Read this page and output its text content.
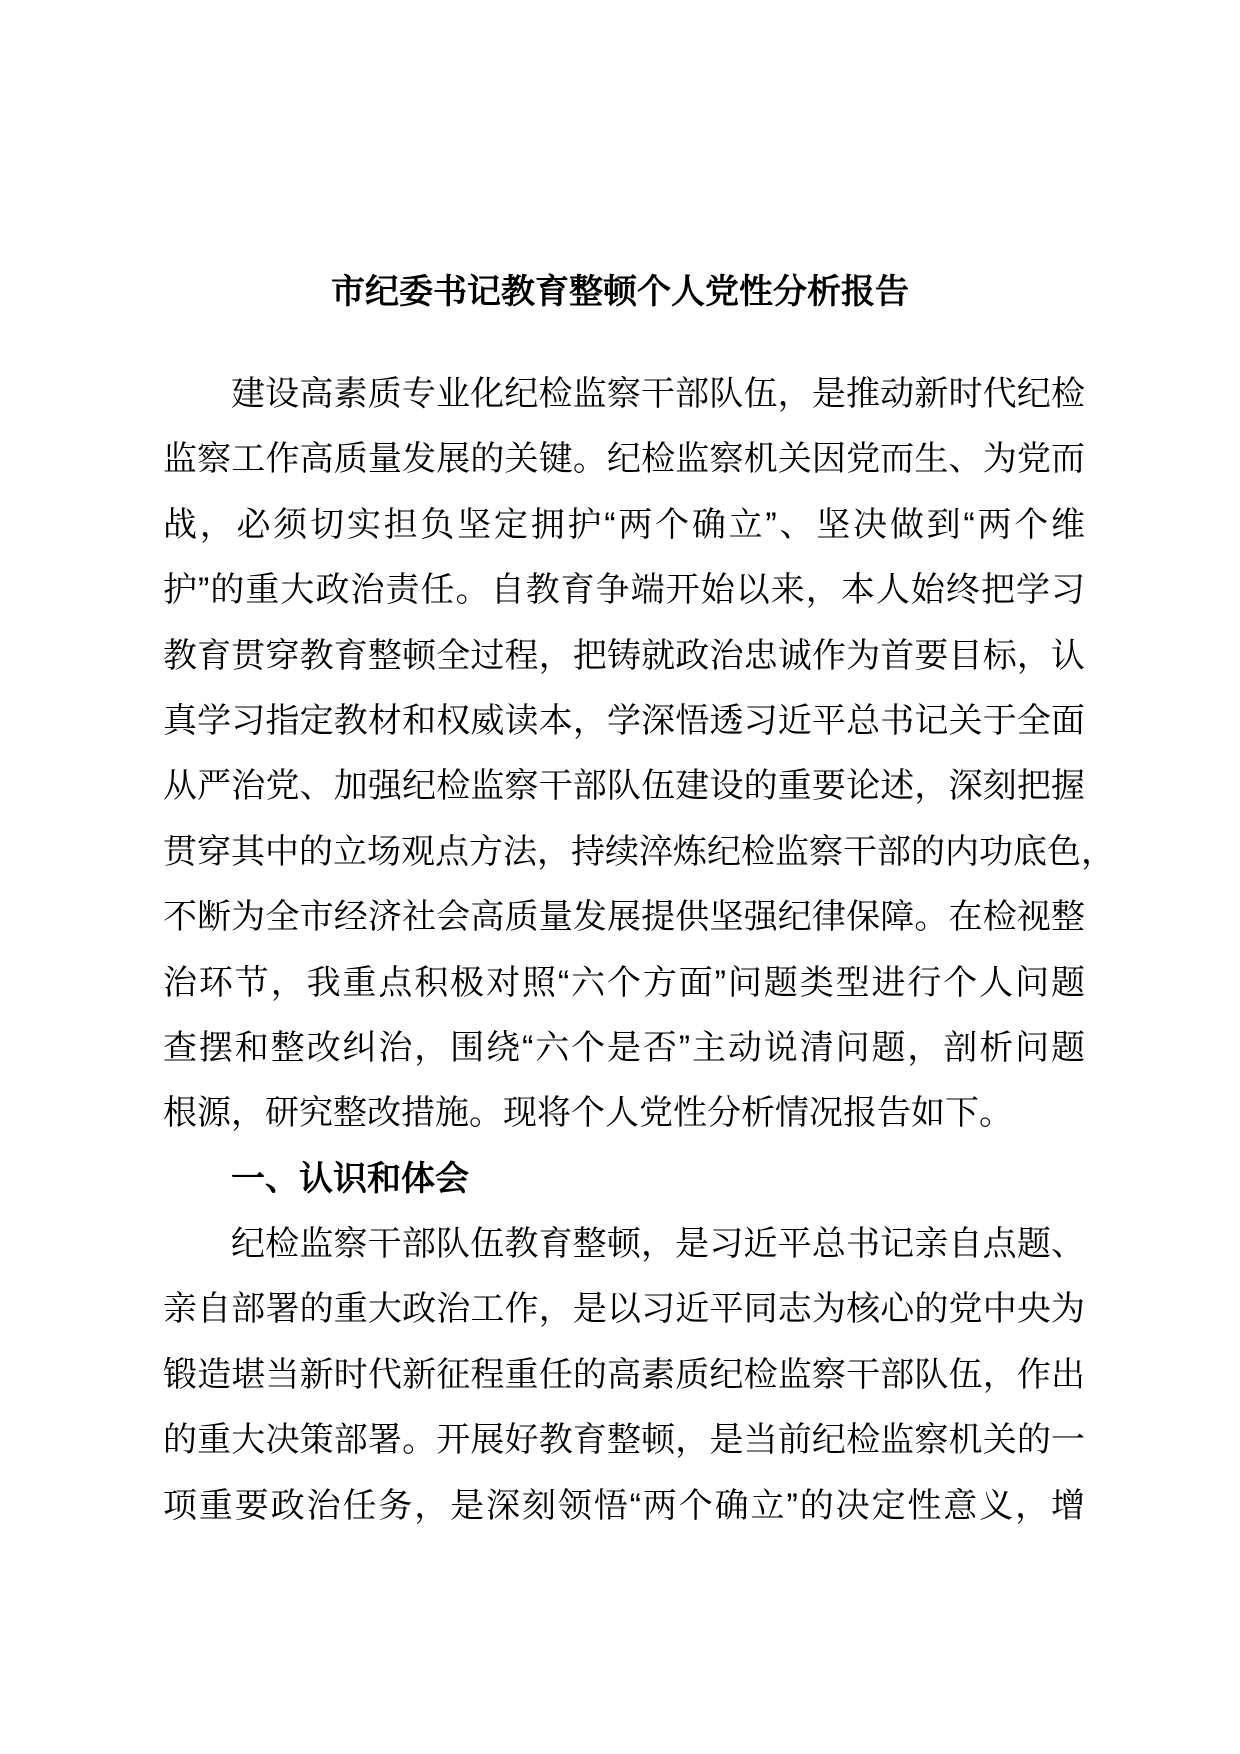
市纪委书记教育整顿个人党性分析报告
建设高素质专业化纪检监察干部队伍，是推动新时代纪检
监察工作高质量发展的关键。纪检监察机关因党而生、为党而
战，必须切实担负坚定拥护“两个确立”、坚决做到“两个维
护”的重大政治责任。自教育争端开始以来，本人始终把学习
教育贯穿教育整顿全过程，把铸就政治忠诚作为首要目标，认
真学习指定教材和权威读本，学深悟透习近平总书记关于全面
从严治党、加强纪检监察干部队伍建设的重要论述，深刻把握
贯穿其中的立场观点方法，持续淬炼纪检监察干部的内功底色，
不断为全市经济社会高质量发展提供坚强纪律保障。在检视整
治环节，我重点积极对照“六个方面”问题类型进行个人问题
查摆和整改纠治，围绕“六个是否”主动说清问题，剖析问题
根源，研究整改措施。现将个人党性分析情况报告如下。
一、认识和体会
纪检监察干部队伍教育整顿，是习近平总书记亲自点题、
亲自部署的重大政治工作，是以习近平同志为核心的党中央为
锻造堪当新时代新征程重任的高素质纪检监察干部队伍，作出
的重大决策部署。开展好教育整顿，是当前纪检监察机关的一
项重要政治任务，是深刻领悟“两个确立”的决定性意义，增
